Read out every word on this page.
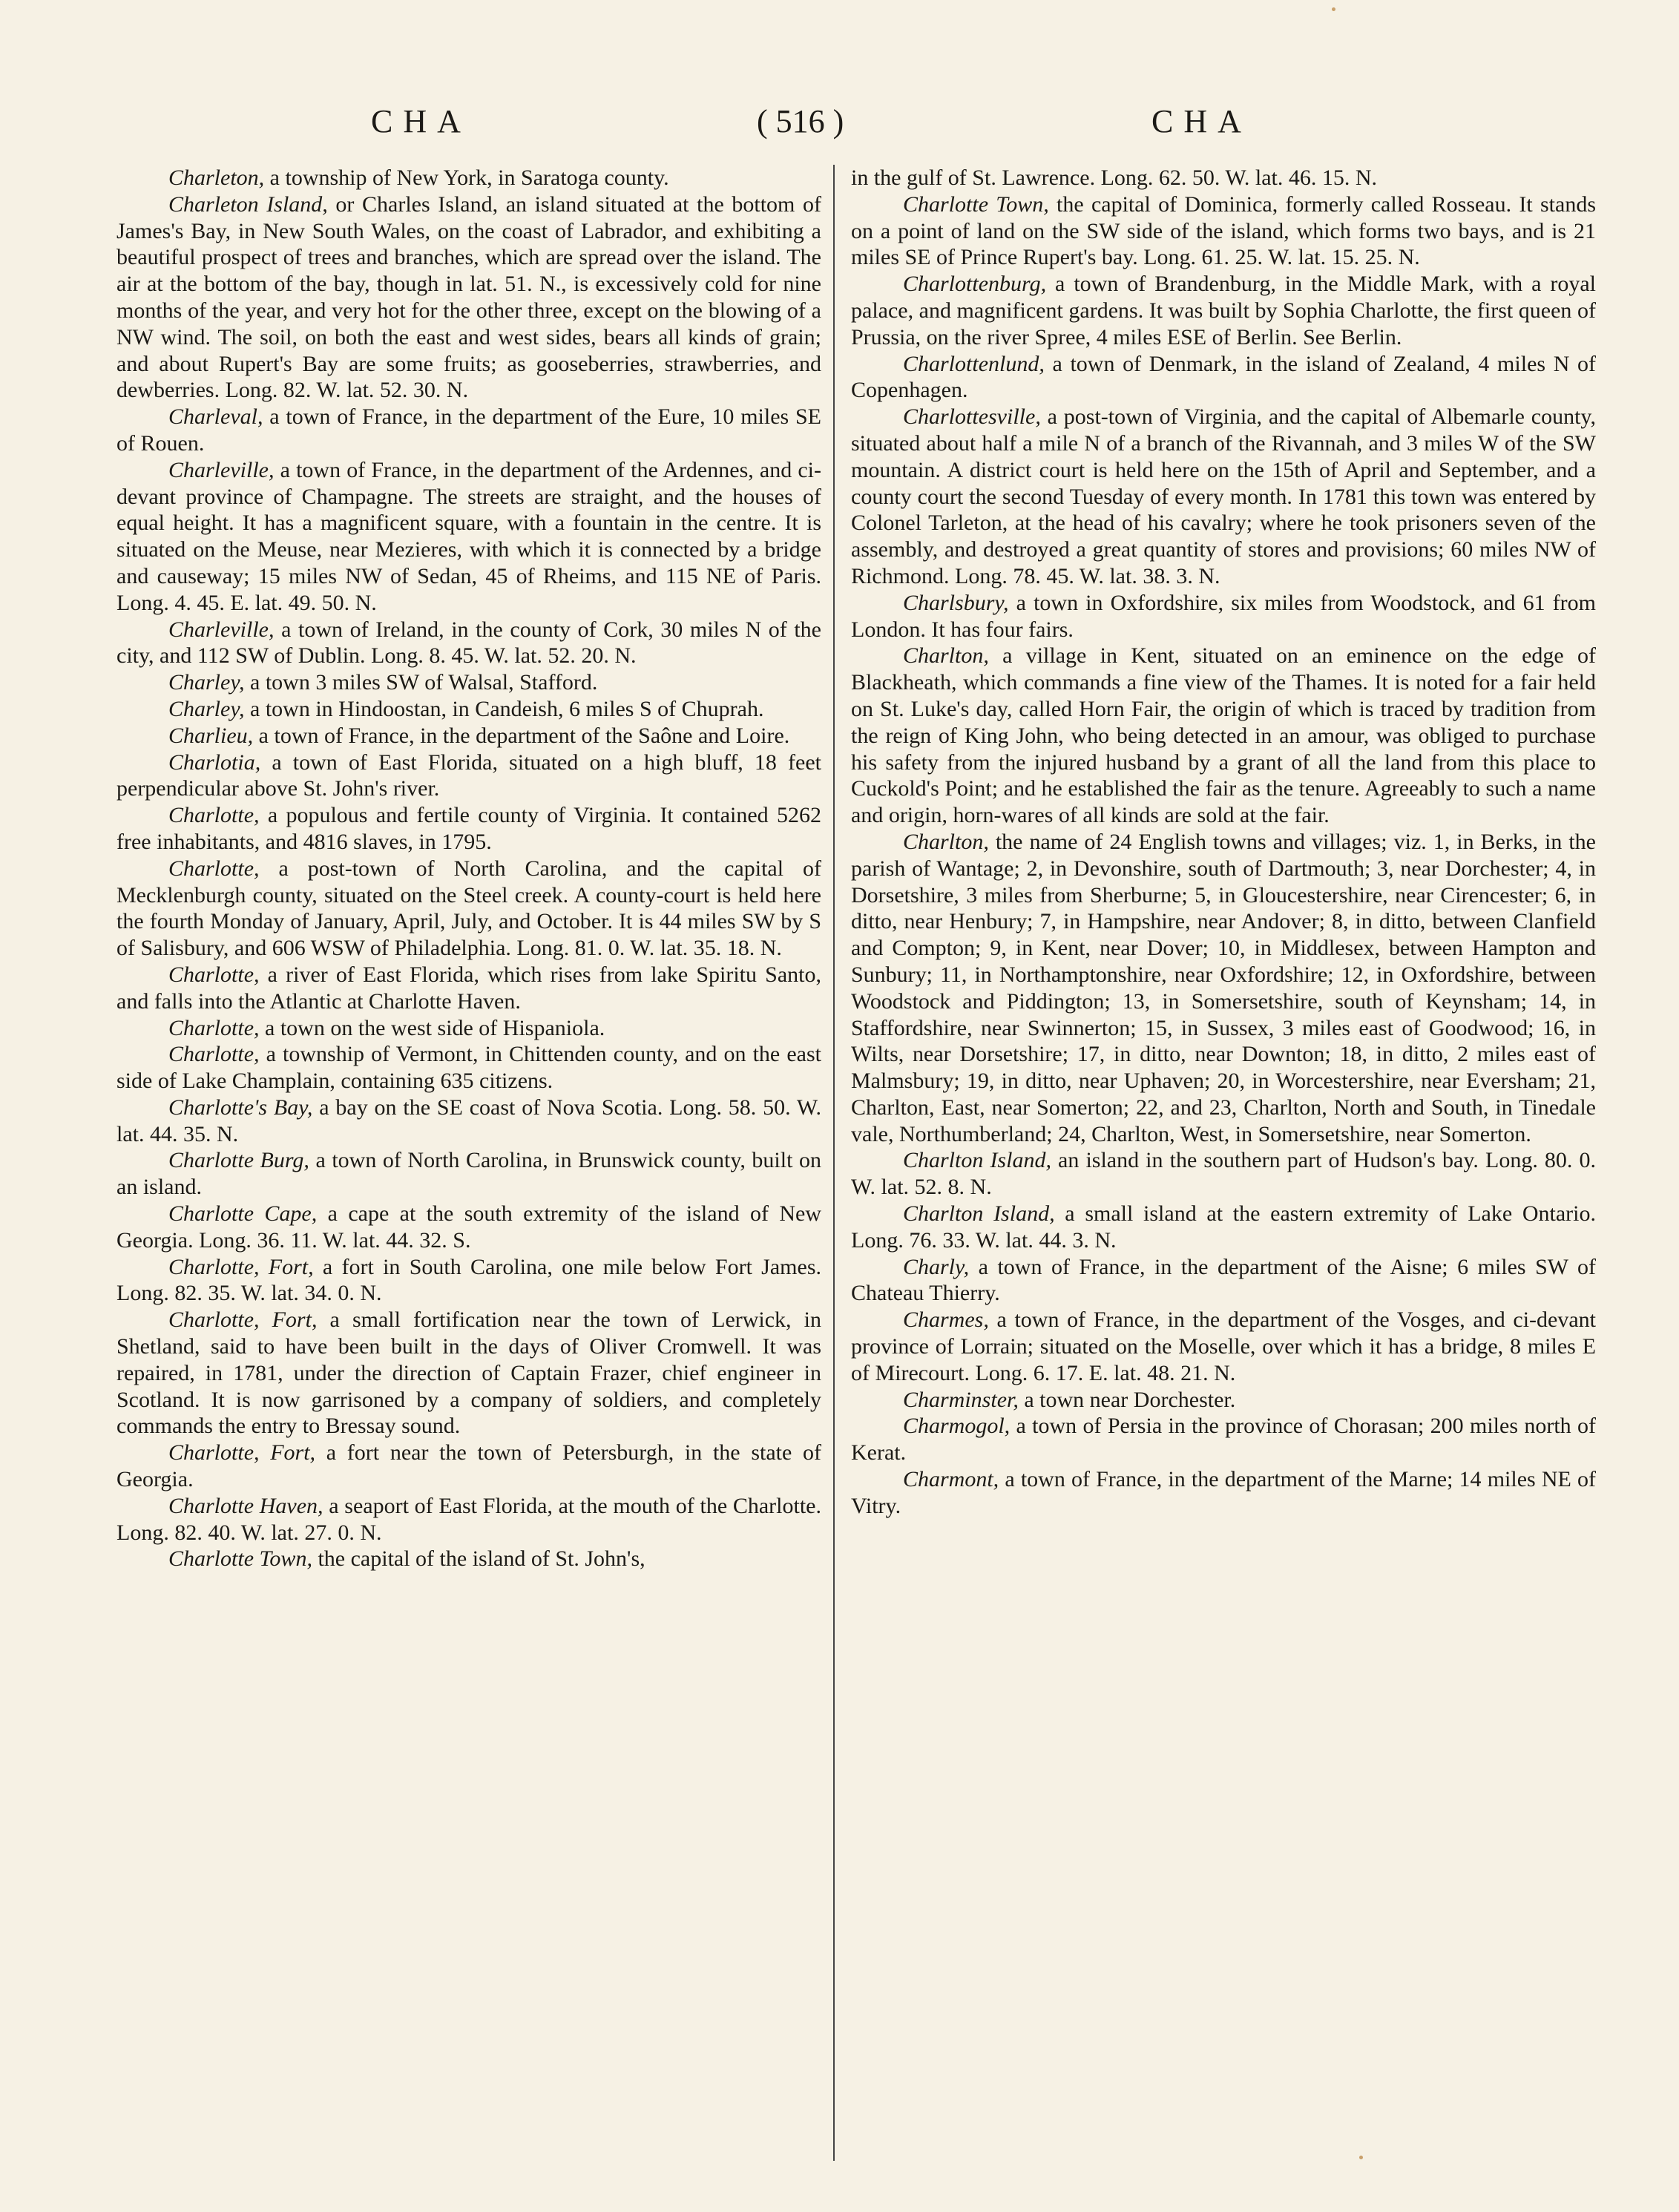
CHA	( 516 )	CHA

Charleton, a township of New York, in Saratoga county.

Charleton Island, or Charles Island, an island situated at the bottom of James's Bay, in New South Wales, on the coast of Labrador, and exhibiting a beautiful prospect of trees and branches, which are spread over the island. The air at the bottom of the bay, though in lat. 51. N., is excessively cold for nine months of the year, and very hot for the other three, except on the blowing of a NW wind. The soil, on both the east and west sides, bears all kinds of grain; and about Rupert's Bay are some fruits; as gooseberries, strawberries, and dewberries. Long. 82. W. lat. 52. 30. N.

Charleval, a town of France, in the department of the Eure, 10 miles SE of Rouen.

Charleville, a town of France, in the department of the Ardennes, and ci-devant province of Champagne. The streets are straight, and the houses of equal height. It has a magnificent square, with a fountain in the centre. It is situated on the Meuse, near Mezieres, with which it is connected by a bridge and causeway; 15 miles NW of Sedan, 45 of Rheims, and 115 NE of Paris. Long. 4. 45. E. lat. 49. 50. N.

Charleville, a town of Ireland, in the county of Cork, 30 miles N of the city, and 112 SW of Dublin. Long. 8. 45. W. lat. 52. 20. N.

Charley, a town 3 miles SW of Walsal, Stafford.

Charley, a town in Hindoostan, in Candeish, 6 miles S of Chuprah.

Charlieu, a town of France, in the department of the Saône and Loire.

Charlotia, a town of East Florida, situated on a high bluff, 18 feet perpendicular above St. John's river.

Charlotte, a populous and fertile county of Virginia. It contained 5262 free inhabitants, and 4816 slaves, in 1795.

Charlotte, a post-town of North Carolina, and the capital of Mecklenburgh county, situated on the Steel creek. A county-court is held here the fourth Monday of January, April, July, and October. It is 44 miles SW by S of Salisbury, and 606 WSW of Philadelphia. Long. 81. 0. W. lat. 35. 18. N.

Charlotte, a river of East Florida, which rises from lake Spiritu Santo, and falls into the Atlantic at Charlotte Haven.

Charlotte, a town on the west side of Hispaniola.

Charlotte, a township of Vermont, in Chittenden county, and on the east side of Lake Champlain, containing 635 citizens.

Charlotte's Bay, a bay on the SE coast of Nova Scotia. Long. 58. 50. W. lat. 44. 35. N.

Charlotte Burg, a town of North Carolina, in Brunswick county, built on an island.

Charlotte Cape, a cape at the south extremity of the island of New Georgia. Long. 36. 11. W. lat. 44. 32. S.

Charlotte, Fort, a fort in South Carolina, one mile below Fort James. Long. 82. 35. W. lat. 34. 0. N.

Charlotte, Fort, a small fortification near the town of Lerwick, in Shetland, said to have been built in the days of Oliver Cromwell. It was repaired, in 1781, under the direction of Captain Frazer, chief engineer in Scotland. It is now garrisoned by a company of soldiers, and completely commands the entry to Bressay sound.

Charlotte, Fort, a fort near the town of Petersburgh, in the state of Georgia.

Charlotte Haven, a seaport of East Florida, at the mouth of the Charlotte. Long. 82. 40. W. lat. 27. 0. N.

Charlotte Town, the capital of the island of St. John's,

in the gulf of St. Lawrence. Long. 62. 50. W. lat. 46. 15. N.

Charlotte Town, the capital of Dominica, formerly called Rosseau. It stands on a point of land on the SW side of the island, which forms two bays, and is 21 miles SE of Prince Rupert's bay. Long. 61. 25. W. lat. 15. 25. N.

Charlottenburg, a town of Brandenburg, in the Middle Mark, with a royal palace, and magnificent gardens. It was built by Sophia Charlotte, the first queen of Prussia, on the river Spree, 4 miles ESE of Berlin. See Berlin.

Charlottenlund, a town of Denmark, in the island of Zealand, 4 miles N of Copenhagen.

Charlottesville, a post-town of Virginia, and the capital of Albemarle county, situated about half a mile N of a branch of the Rivannah, and 3 miles W of the SW mountain. A district court is held here on the 15th of April and September, and a county court the second Tuesday of every month. In 1781 this town was entered by Colonel Tarleton, at the head of his cavalry; where he took prisoners seven of the assembly, and destroyed a great quantity of stores and provisions; 60 miles NW of Richmond. Long. 78. 45. W. lat. 38. 3. N.

Charlsbury, a town in Oxfordshire, six miles from Woodstock, and 61 from London. It has four fairs.

Charlton, a village in Kent, situated on an eminence on the edge of Blackheath, which commands a fine view of the Thames. It is noted for a fair held on St. Luke's day, called Horn Fair, the origin of which is traced by tradition from the reign of King John, who being detected in an amour, was obliged to purchase his safety from the injured husband by a grant of all the land from this place to Cuckold's Point; and he established the fair as the tenure. Agreeably to such a name and origin, horn-wares of all kinds are sold at the fair.

Charlton, the name of 24 English towns and villages; viz. 1, in Berks, in the parish of Wantage; 2, in Devonshire, south of Dartmouth; 3, near Dorchester; 4, in Dorsetshire, 3 miles from Sherburne; 5, in Gloucestershire, near Cirencester; 6, in ditto, near Henbury; 7, in Hampshire, near Andover; 8, in ditto, between Clanfield and Compton; 9, in Kent, near Dover; 10, in Middlesex, between Hampton and Sunbury; 11, in Northamptonshire, near Oxfordshire; 12, in Oxfordshire, between Woodstock and Piddington; 13, in Somersetshire, south of Keynsham; 14, in Staffordshire, near Swinnerton; 15, in Sussex, 3 miles east of Goodwood; 16, in Wilts, near Dorsetshire; 17, in ditto, near Downton; 18, in ditto, 2 miles east of Malmsbury; 19, in ditto, near Uphaven; 20, in Worcestershire, near Eversham; 21, Charlton, East, near Somerton; 22, and 23, Charlton, North and South, in Tinedale vale, Northumberland; 24, Charlton, West, in Somersetshire, near Somerton.

Charlton Island, an island in the southern part of Hudson's bay. Long. 80. 0. W. lat. 52. 8. N.

Charlton Island, a small island at the eastern extremity of Lake Ontario. Long. 76. 33. W. lat. 44. 3. N.

Charly, a town of France, in the department of the Aisne; 6 miles SW of Chateau Thierry.

Charmes, a town of France, in the department of the Vosges, and ci-devant province of Lorrain; situated on the Moselle, over which it has a bridge, 8 miles E of Mirecourt. Long. 6. 17. E. lat. 48. 21. N.

Charminster, a town near Dorchester.

Charmogol, a town of Persia in the province of Chorasan; 200 miles north of Kerat.

Charmont, a town of France, in the department of the Marne; 14 miles NE of Vitry.
